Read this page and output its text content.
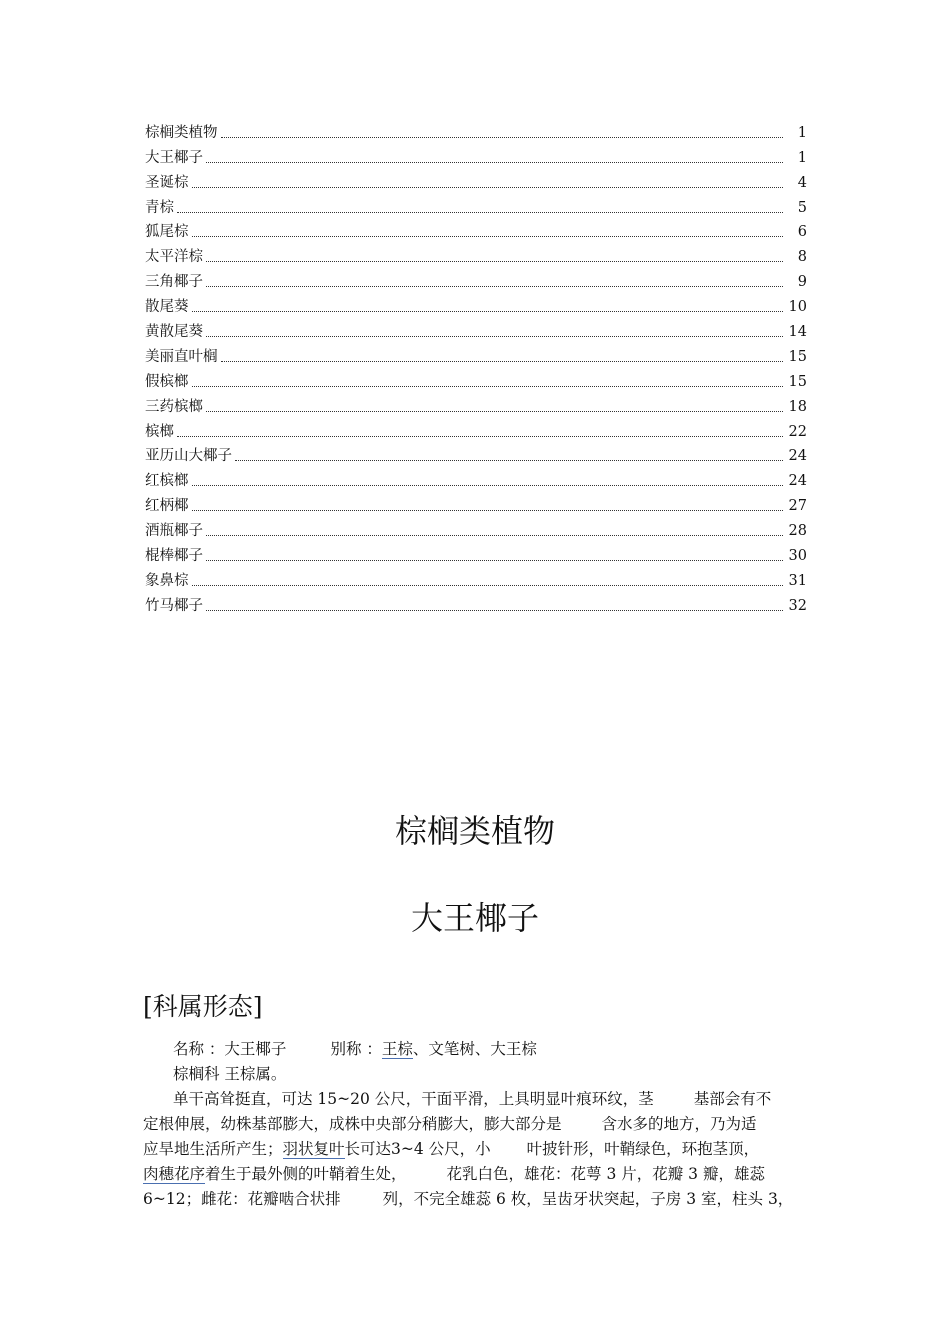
棕榈类植物	1
大王椰子	1
圣诞棕	4
青棕	5
狐尾棕	6
太平洋棕	8
三角椰子	9
散尾葵	10
黄散尾葵	14
美丽直叶榈	15
假槟榔	15
三药槟榔	18
槟榔	22
亚历山大椰子	24
红槟榔	24
红柄椰	27
酒瓶椰子	28
棍棒椰子	30
象鼻棕	31
竹马椰子	32
棕榈类植物
大王椰子
[科属形态]
名称 ：大王椰子	别称 ：王棕、文笔树、大王棕
棕榈科 王棕属。
单干高耸挺直，可达 15~20 公尺，干面平滑，上具明显叶痕环纹，茎	基部会有不
定根伸展，幼株基部膨大，成株中央部分稍膨大，膨大部分是	含水多的地方，乃为适
应旱地生活所产生；羽状复叶长可达3~4 公尺，小 叶披针形，叶鞘绿色，环抱茎顶，
肉穗花序着生于最外侧的叶鞘着生处，	花乳白色，雄花：花萼 3 片，花瓣 3 瓣，雄蕊
6~12；雌花：花瓣啮合状排	列，不完全雄蕊 6 枚，呈齿牙状突起，子房 3 室，柱头 3，
